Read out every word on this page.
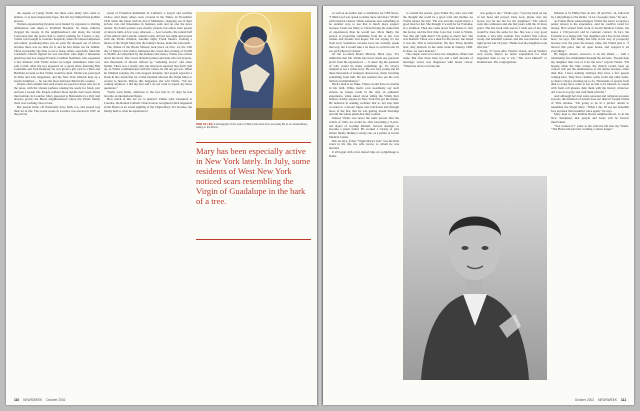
the request of young Vitalis but there were many who came to believe, or at least desperately hope, that the boy himself had godlike powers.

Women experiencing hysteria were healed by exposure to visiting ambulances and taken to Fondlian Hospital. So many vehicles clogged the streets in the neighbourhood and along the Grand Concourse that the police had to restrict parking for 3 hours a day. Vitalis was brought to veterans' hospitals, where he blessed amputees and others, promising there was no pain. He dropped out of school because there was no time for it and he had fallen too far behind. There was hardly any time to eat or sleep, either, especially when the Cardinal's Church figured he was involved. One night a limousine pulled up and two stepped Francis Cardinal Spellman, who requested a few minutes with Vitalis before no longer remembers what was said to him. After the boy appeared on a sports show featuring Bob Considine and Jack Dempsey, he was given a gift card to a Hess and Hartman account so that Vitalis would be dead. Vitalis was portrayed in Time and Life magazines, and the New York tabloids kept up a steady drumbeat — he was the most featured child in the country.

People often assume that such events are good for those who are in the press, with the visions perhaps causing the seeds for fraud, plot and just a lesson life. People without those details don't need divine intervention, its Lourdes. Mary appeared to Bernadette in a dirty and obscure grotto; the Bronx neighbourhood where the Vitalis family lived was working class at best.

But people better off financially have faith, too, and people beg their lot in life. The potent statue in Lourdes was erected in 1907 on the private

estate of Frederick Reinmann de Cuilliard, a lawyer and wealthy widow. And many others were covered in the Times. In November 1945 when the statue with its did of Mindanao, snapping out of their private cars and limousines in business suits and on one the news outlets. No doubt women were mostly curious, but others were people of sincere faith. A few wore raincoats — Lou Costello, the rotund half of the Abbott and Costello comedy team, arrived one night and prayed with the Vitalis children. Another night, Frank Sinatra, fronting a movie of the Virgin Mary that the family's house, made the trek north.

The climax of the Bronx Miracle took place on Nov. 14, the 15th day of Mary's visit. Police estimated the crowd that evening at 25,000 to 30,000. Accompanied by the mothers and sisters, Vitalis was carried down the street. The crowd included priests and nuns who led prayers, and thousands of throats offered up "Amazing Grace" and other hymns. There was a steady rain, but observers reported that from 7pm on, as Vitalis communicated with the vision, he did not get wet. When he finished praying, the rain stopped abruptly, and people reported a break in the clouds that for a brief moment allowed the Virgin Mary to ascend to heaven. Before this happened, she told Vitalis, "I'm not coming anymore. I did my best and I do not want to repeat any more questions."

Vitalis went home, oblivious to the fact that in 15 days he had become an international figure.

How much of this are we to believe? Unlike what transpired at Lourdes, the Roman Catholic Church never recognized what happened in the Bronx as an actual sighting of the Virgin Mary. For decades, the family held to what he experienced

RIDE OF LIFE A photograph of the vision of Mary that went from everyday life to an extraordinary calling in the Bronx.
Mary has been especially active in New York lately. In July, some residents of West New York noticed scars resembling the Virgin of Guadalupe in the bark of a tree.
110 NEWSWEEK October 2002

as well as an author and a contributor for CBS News. "I think God was speak to many more and more 'Vitalis' with external visions. When someone sees something as no another way, to use that is much more suspect because I don't see Mary or Christ having the same kind of experiences than he would see. More likely, the person is projecting something from his or her own wishes and dreams and hopes. I'm not saying it's not from God. Somehow, because God can certainly speak that way, but it would take a lot more to convince me I'd see such physical visions."

Of the so-called Bronx Miracle, Beck says, "It's admirable that Mr. Vitalis has never made any personal profit from his experiences — it raises big the question of why would he make something up. It's always tempted to see a richer story. He was very young and all these thousands of strangers showed up, many traveling something from him. He has seemed also see his own faith in an illumination."

Beck's mail is no fluke. Videos would have no trouble in his faith. White men's own steadfastly say such visions no longer count in the only an authentic experience, when asked about sitting the Vitalis they believe, hardly anyone in New York had got the memo. He believed in seeking wonders that is, not stop their vocation to a devout figure and conviction and through more of the fire, that he was getting dream blessings and did the whole prism that they wanted.

Indeed, Vitalis was never the same person after the events of 1945. As would be, after becoming a 9-year-old object of worship himself. Several attempts to become a priest failed. He worked a variety of jobs before finally finding a steady one, as a janitor at Jacobi Medical Center.

But, he says, if that "Virgin Mary's visit" was the final event in his life, his wife Grace, to whom he was married.

It all began with a few shared trips on a pilgrimage to Rome

to consult the priests, gave Father Pio, who was with the thought she could be a good wife and mother. As Vitalis relates the tale: "He was told she would marry a good man for her. She thought it would be for Fontaine, in a tradition. Then she came down from Rome to visit the doctor, and the first time I saw her, I said to Vitalis, 'See that girl right there? I'm going to marry her.' She was married. There was a man for the doctor, she found it was me. This is inexcusable. We met. Three months later, they married, in the same week in January 1960. In June, we were married."

The couple went on to have two daughters, Marie and Anne. But after more than two and a half decades of marriage, Grace was diagnosed with breast cancer. "When the doctor told me she

was going to die," Vitalis says, "I put my head on top of her head and prayed. Dear God, please cure my Grace, not for me but for my daughters." The cancer went into remission and she had years with the 10 more years. The last book with sorrow I wish one of her. She would've done the same for me. She was a very good woman, a very holy woman. You couldn't find a more lovely and beautiful woman, and she was married to me right up the last 10 years. Thank God my daughters took after her."

Today, 57 years after Vitalis's vision, and in Vitalis's own words, there's no better explanation for what happened than to say it was "The Lord himself" or Dominicans. The congregations

Mission at St. Philip Neri on Oct. 29 and Nov. 14, followed by a pilgrimage to the shrine. "A lot of people came," he says.

As Father Beck acknowledged, Vitalis has never accepted a penny related to the experience. And he could've cared for money. He's retired from work at Jacobi Medical Center, but keeps a 150-year-old and in constant contact. In fact, the Fontaine is so happy that "my daughter and I live in the winter here," he says. The family has little in the way of prosperity because over the years the money came, the Vitalis puts it. "I moved this place like an open house, and stopped it all everything."

He lingers sincere, however, to be the shrine — with a remarkably few mishandled through the decades. "People help my daughter take care of it for me now," reports Vitalis. "I'm hoping when the time comes, the church would, keep up contact will put the maintenance of the shrine because, other than that, I have nothing. Perhaps they have a few people coming here. They have candles, some crafts and other items, so there's always cleaning up to do. Thousands of people from then to today have come to see us and to be blessed. A couple with fresh cell phones, help them with the history whatever. All I can do is pray and with them with me."

And although he's had some personal and religious pressure success, the intention of details does not distract Joseph Vitalis of Villa Avenue. "I'm going to be in a perfect dream to remember the Virgin Mary. "When I die, I'll see her beautiful face and hear that beautiful voice again," he says.

Mary kept to that humble Bronx neighbourhood, as in the New Testament, that people and Jesus will be forever intertwined.

"You wanted it?" some to his wife his life that my Vitalis. "The Bronx kid just isn't working a whole longer."

October 2002 NEWSWEEK 111
